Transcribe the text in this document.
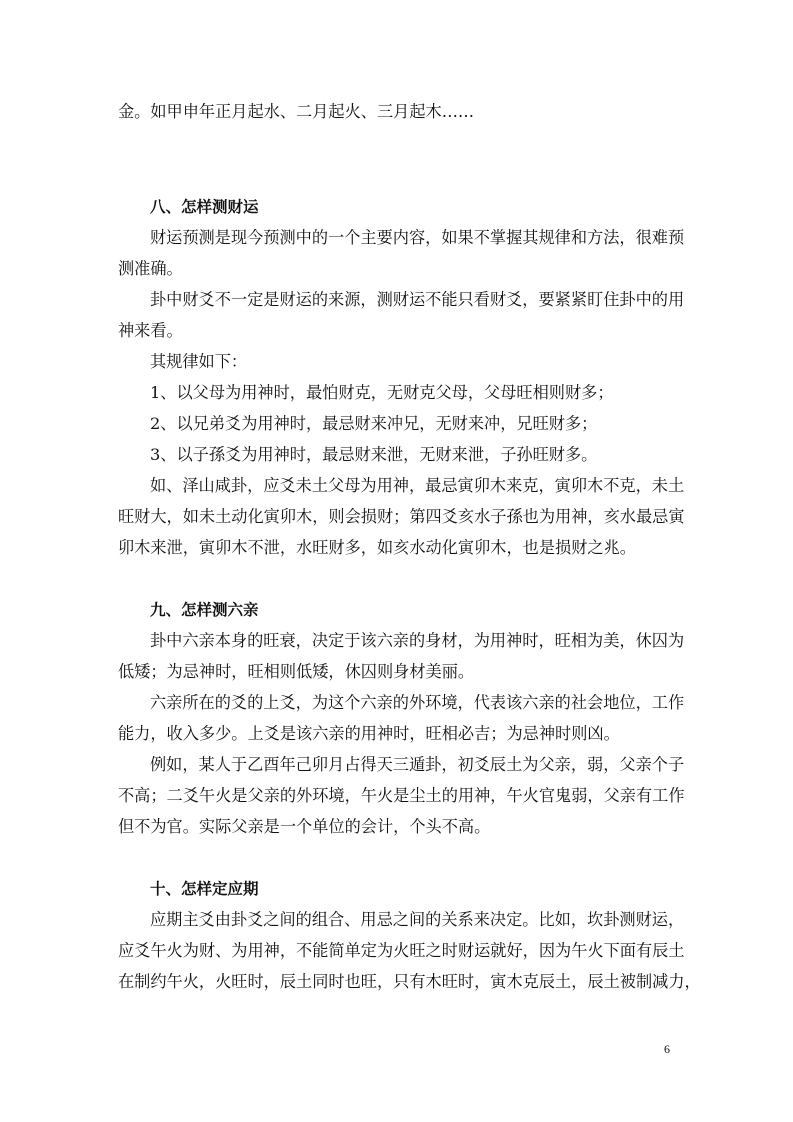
金。如甲申年正月起水、二月起火、三月起木……
八、怎样测财运
财运预测是现今预测中的一个主要内容，如果不掌握其规律和方法，很难预
测准确。
卦中财爻不一定是财运的来源，测财运不能只看财爻，要紧紧盯住卦中的用
神来看。
其规律如下：
1、以父母为用神时，最怕财克，无财克父母，父母旺相则财多；
2、以兄弟爻为用神时，最忌财来冲兄，无财来冲，兄旺财多；
3、以子孫爻为用神时，最忌财来泄，无财来泄，子孙旺财多。
如、泽山咸卦，应爻未土父母为用神，最忌寅卯木来克，寅卯木不克，未土
旺财大，如未土动化寅卯木，则会损财；第四爻亥水子孫也为用神，亥水最忌寅
卯木来泄，寅卯木不泄，水旺财多，如亥水动化寅卯木，也是损财之兆。
九、怎样测六亲
卦中六亲本身的旺衰，决定于该六亲的身材，为用神时，旺相为美，休囚为
低矮；为忌神时，旺相则低矮，休囚则身材美丽。
六亲所在的爻的上爻，为这个六亲的外环境，代表该六亲的社会地位，工作
能力，收入多少。上爻是该六亲的用神时，旺相必吉；为忌神时则凶。
例如，某人于乙酉年己卯月占得天三遁卦，初爻辰土为父亲，弱，父亲个子
不高；二爻午火是父亲的外环境，午火是尘土的用神，午火官鬼弱，父亲有工作
但不为官。实际父亲是一个单位的会计，个头不高。
十、怎样定应期
应期主爻由卦爻之间的组合、用忌之间的关系来决定。比如，坎卦测财运，
应爻午火为财、为用神，不能简单定为火旺之时财运就好，因为午火下面有辰土
在制约午火，火旺时，辰土同时也旺，只有木旺时，寅木克辰土，辰土被制减力，
6
